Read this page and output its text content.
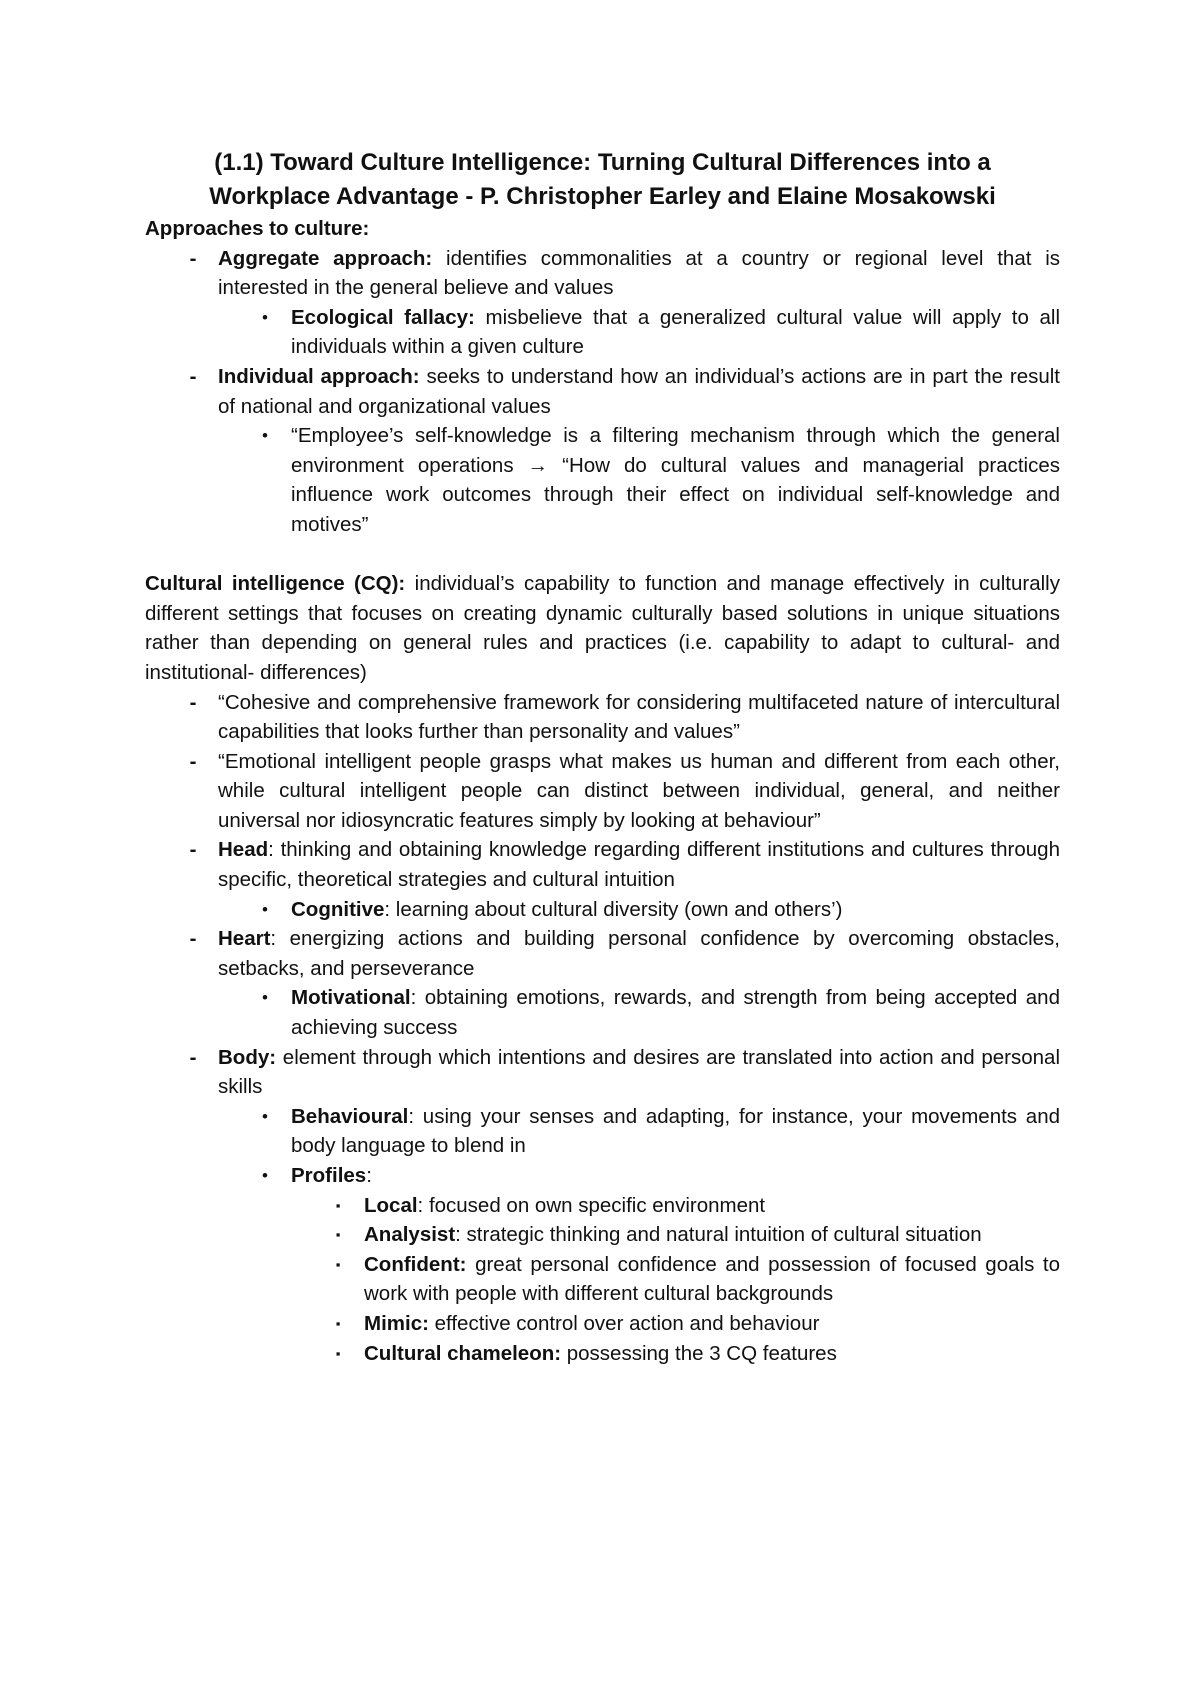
(1.1) Toward Culture Intelligence: Turning Cultural Differences into a
Workplace Advantage - P. Christopher Earley and Elaine Mosakowski
Approaches to culture:
-	Aggregate approach: identifies commonalities at a country or regional level that is interested in the general believe and values
•	Ecological fallacy: misbelieve that a generalized cultural value will apply to all individuals within a given culture
-	Individual approach: seeks to understand how an individual’s actions are in part the result of national and organizational values
•	“Employee’s self-knowledge is a filtering mechanism through which the general environment operations → “How do cultural values and managerial practices influence work outcomes through their effect on individual self-knowledge and motives”

Cultural intelligence (CQ): individual’s capability to function and manage effectively in culturally different settings that focuses on creating dynamic culturally based solutions in unique situations rather than depending on general rules and practices (i.e. capability to adapt to cultural- and institutional- differences)

-	“Cohesive and comprehensive framework for considering multifaceted nature of intercultural capabilities that looks further than personality and values”
-	“Emotional intelligent people grasps what makes us human and different from each other, while cultural intelligent people can distinct between individual, general, and neither universal nor idiosyncratic features simply by looking at behaviour”
-	Head: thinking and obtaining knowledge regarding different institutions and cultures through specific, theoretical strategies and cultural intuition
•	Cognitive: learning about cultural diversity (own and others’)
-	Heart: energizing actions and building personal confidence by overcoming obstacles, setbacks, and perseverance
•	Motivational: obtaining emotions, rewards, and strength from being accepted and achieving success
-	Body: element through which intentions and desires are translated into action and personal skills
•	Behavioural: using your senses and adapting, for instance, your movements and body language to blend in
•	Profiles:
▪	Local: focused on own specific environment
▪	Analysist: strategic thinking and natural intuition of cultural situation
▪	Confident: great personal confidence and possession of focused goals to work with people with different cultural backgrounds
▪	Mimic: effective control over action and behaviour
▪	Cultural chameleon: possessing the 3 CQ features
